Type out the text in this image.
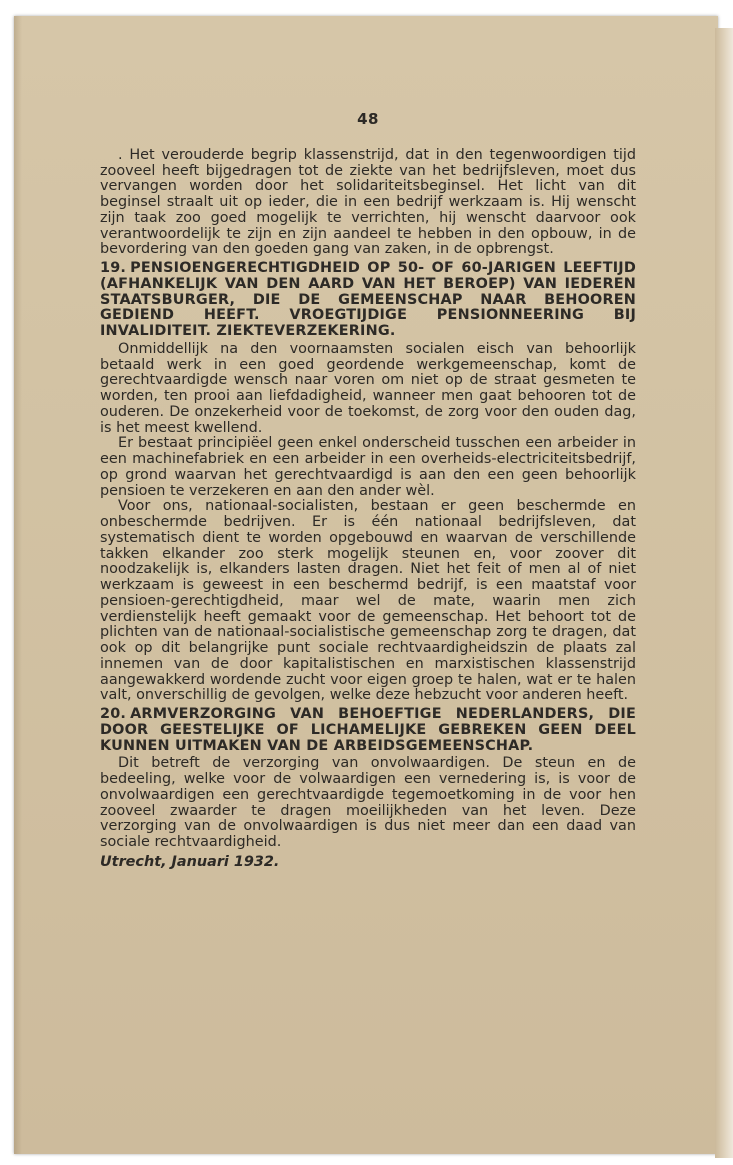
48

. Het verouderde begrip klassenstrijd, dat in den tegenwoordigen tijd zooveel heeft bijgedragen tot de ziekte van het bedrijfsleven, moet dus vervangen worden door het solidariteitsbeginsel. Het licht van dit beginsel straalt uit op ieder, die in een bedrijf werkzaam is. Hij wenscht zijn taak zoo goed mogelijk te verrichten, hij wenscht daarvoor ook verantwoordelijk te zijn en zijn aandeel te hebben in den opbouw, in de bevordering van den goeden gang van zaken, in de opbrengst.

19. PENSIOENGERECHTIGDHEID OP 50- OF 60-JARIGEN LEEFTIJD (AFHANKELIJK VAN DEN AARD VAN HET BEROEP) VAN IEDEREN STAATSBURGER, DIE DE GEMEENSCHAP NAAR BEHOOREN GEDIEND HEEFT. VROEGTIJDIGE PENSIONNEERING BIJ INVALIDITEIT. ZIEKTEVERZEKERING.

Onmiddellijk na den voornaamsten socialen eisch van behoorlijk betaald werk in een goed geordende werkgemeenschap, komt de gerechtvaardigde wensch naar voren om niet op de straat gesmeten te worden, ten prooi aan liefdadigheid, wanneer men gaat behooren tot de ouderen. De onzekerheid voor de toekomst, de zorg voor den ouden dag, is het meest kwellend.

Er bestaat principiëel geen enkel onderscheid tusschen een arbeider in een machinefabriek en een arbeider in een overheids-electriciteitsbedrijf, op grond waarvan het gerechtvaardigd is aan den een geen behoorlijk pensioen te verzekeren en aan den ander wèl.

Voor ons, nationaal-socialisten, bestaan er geen beschermde en onbeschermde bedrijven. Er is één nationaal bedrijfsleven, dat systematisch dient te worden opgebouwd en waarvan de verschillende takken elkander zoo sterk mogelijk steunen en, voor zoover dit noodzakelijk is, elkanders lasten dragen. Niet het feit of men al of niet werkzaam is geweest in een beschermd bedrijf, is een maatstaf voor pensioen-gerechtigdheid, maar wel de mate, waarin men zich verdienstelijk heeft gemaakt voor de gemeenschap. Het behoort tot de plichten van de nationaal-socialistische gemeenschap zorg te dragen, dat ook op dit belangrijke punt sociale rechtvaardigheidszin de plaats zal innemen van de door kapitalistischen en marxistischen klassenstrijd aangewakkerd wordende zucht voor eigen groep te halen, wat er te halen valt, onverschillig de gevolgen, welke deze hebzucht voor anderen heeft.

20. ARMVERZORGING VAN BEHOEFTIGE NEDERLANDERS, DIE DOOR GEESTELIJKE OF LICHAMELIJKE GEBREKEN GEEN DEEL KUNNEN UITMAKEN VAN DE ARBEIDSGEMEENSCHAP.

Dit betreft de verzorging van onvolwaardigen. De steun en de bedeeling, welke voor de volwaardigen een vernedering is, is voor de onvolwaardigen een gerechtvaardigde tegemoetkoming in de voor hen zooveel zwaarder te dragen moeilijkheden van het leven. Deze verzorging van de onvolwaardigen is dus niet meer dan een daad van sociale rechtvaardigheid.

Utrecht, Januari 1932.
